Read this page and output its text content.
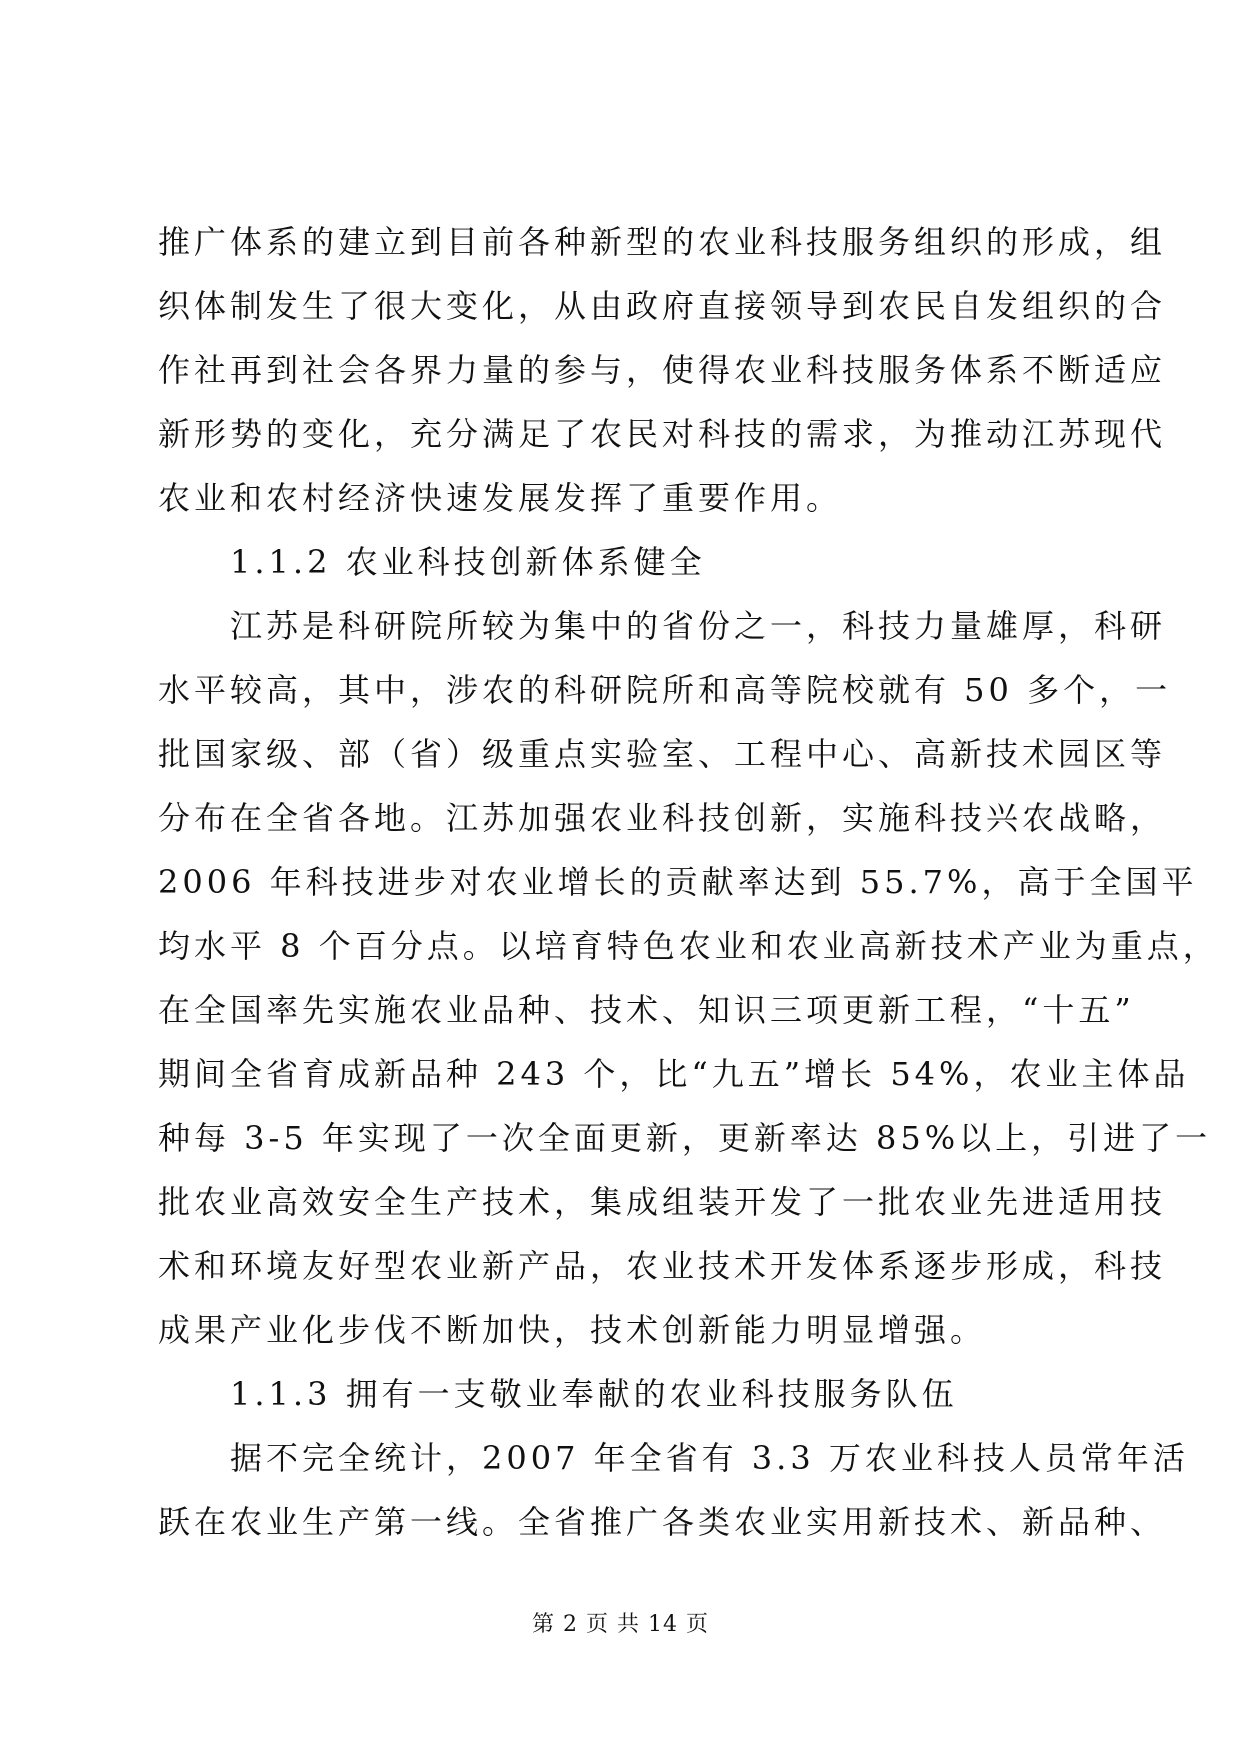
推广体系的建立到目前各种新型的农业科技服务组织的形成，组
织体制发生了很大变化，从由政府直接领导到农民自发组织的合
作社再到社会各界力量的参与，使得农业科技服务体系不断适应
新形势的变化，充分满足了农民对科技的需求，为推动江苏现代
农业和农村经济快速发展发挥了重要作用。
1.1.2 农业科技创新体系健全
江苏是科研院所较为集中的省份之一，科技力量雄厚，科研
水平较高，其中，涉农的科研院所和高等院校就有 50 多个，一
批国家级、部（省）级重点实验室、工程中心、高新技术园区等
分布在全省各地。江苏加强农业科技创新，实施科技兴农战略，
2006 年科技进步对农业增长的贡献率达到 55.7%，高于全国平
均水平 8 个百分点。以培育特色农业和农业高新技术产业为重点，
在全国率先实施农业品种、技术、知识三项更新工程，“十五”
期间全省育成新品种 243 个，比“九五”增长 54%，农业主体品
种每 3-5 年实现了一次全面更新，更新率达 85%以上，引进了一
批农业高效安全生产技术，集成组装开发了一批农业先进适用技
术和环境友好型农业新产品，农业技术开发体系逐步形成，科技
成果产业化步伐不断加快，技术创新能力明显增强。
1.1.3 拥有一支敬业奉献的农业科技服务队伍
据不完全统计，2007 年全省有 3.3 万农业科技人员常年活
跃在农业生产第一线。全省推广各类农业实用新技术、新品种、
第 2 页 共 14 页
